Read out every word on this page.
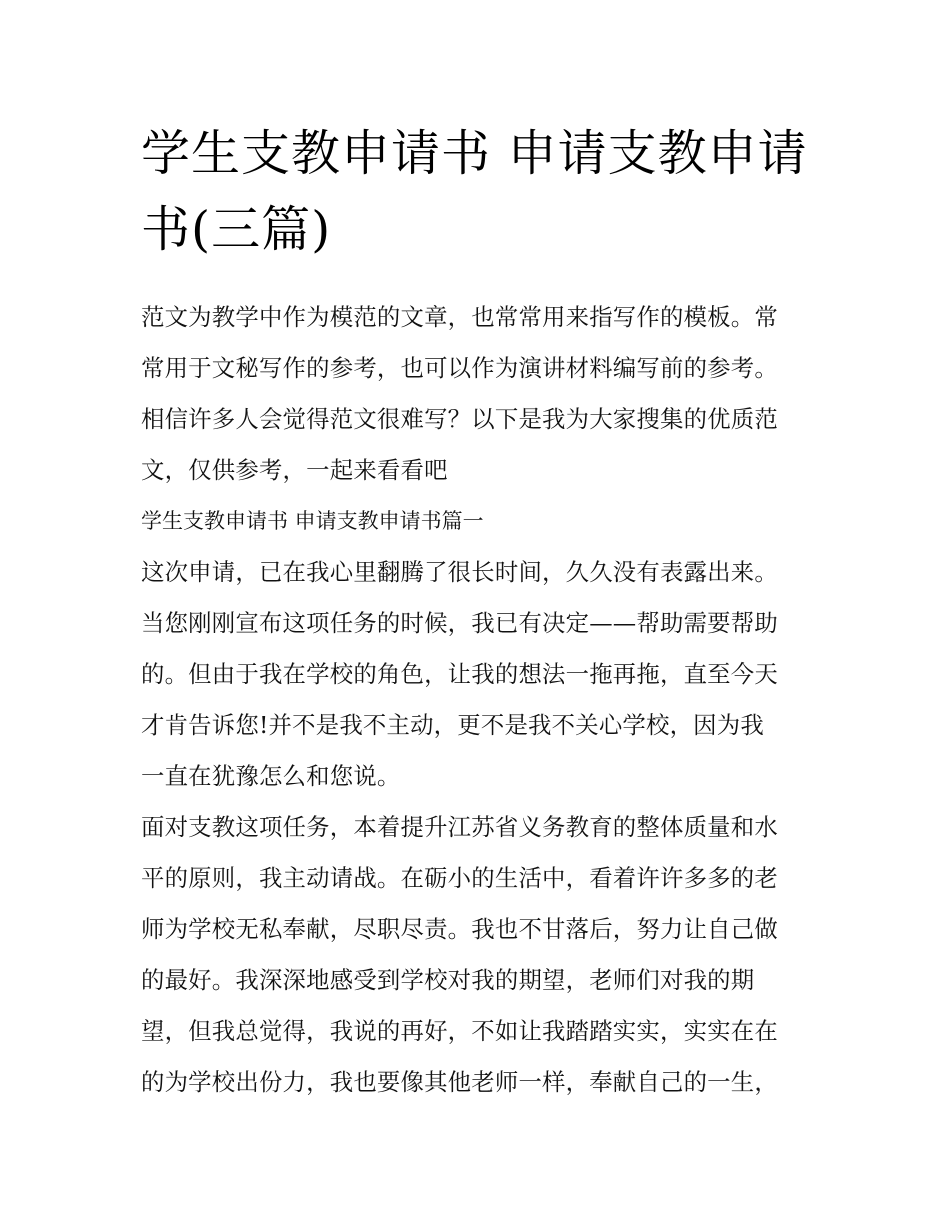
学生支教申请书 申请支教申请
书(三篇)
范文为教学中作为模范的文章，也常常用来指写作的模板。常
常用于文秘写作的参考，也可以作为演讲材料编写前的参考。
相信许多人会觉得范文很难写？以下是我为大家搜集的优质范
文，仅供参考，一起来看看吧
学生支教申请书 申请支教申请书篇一
这次申请，已在我心里翻腾了很长时间，久久没有表露出来。
当您刚刚宣布这项任务的时候，我已有决定——帮助需要帮助
的。但由于我在学校的角色，让我的想法一拖再拖，直至今天
才肯告诉您!并不是我不主动，更不是我不关心学校，因为我
一直在犹豫怎么和您说。
面对支教这项任务，本着提升江苏省义务教育的整体质量和水
平的原则，我主动请战。在砺小的生活中，看着许许多多的老
师为学校无私奉献，尽职尽责。我也不甘落后，努力让自己做
的最好。我深深地感受到学校对我的期望，老师们对我的期
望，但我总觉得，我说的再好，不如让我踏踏实实，实实在在
的为学校出份力，我也要像其他老师一样，奉献自己的一生，
